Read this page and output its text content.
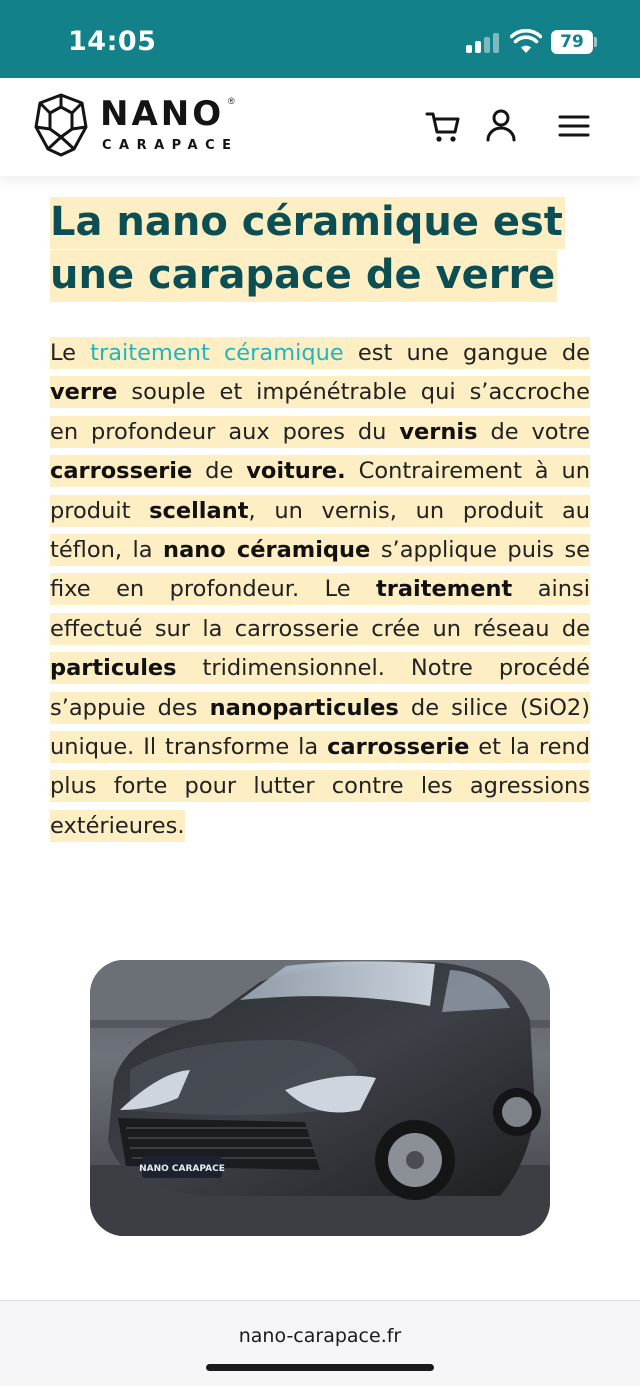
14:05	79
NANO ®
CARAPACE
La nano céramique est
une carapace de verre

Le traitement céramique est une gangue de verre souple et impénétrable qui s’accroche en profondeur aux pores du vernis de votre carrosserie de voiture. Contrairement à un produit scellant, un vernis, un produit au téflon, la nano céramique s’applique puis se fixe en profondeur. Le traitement ainsi effectué sur la carrosserie crée un réseau de particules tridimensionnel. Notre procédé s’appuie des nanoparticules de silice (SiO2) unique. Il transforme la carrosserie et la rend plus forte pour lutter contre les agressions extérieures.

NANO CARAPACE
nano-carapace.fr
